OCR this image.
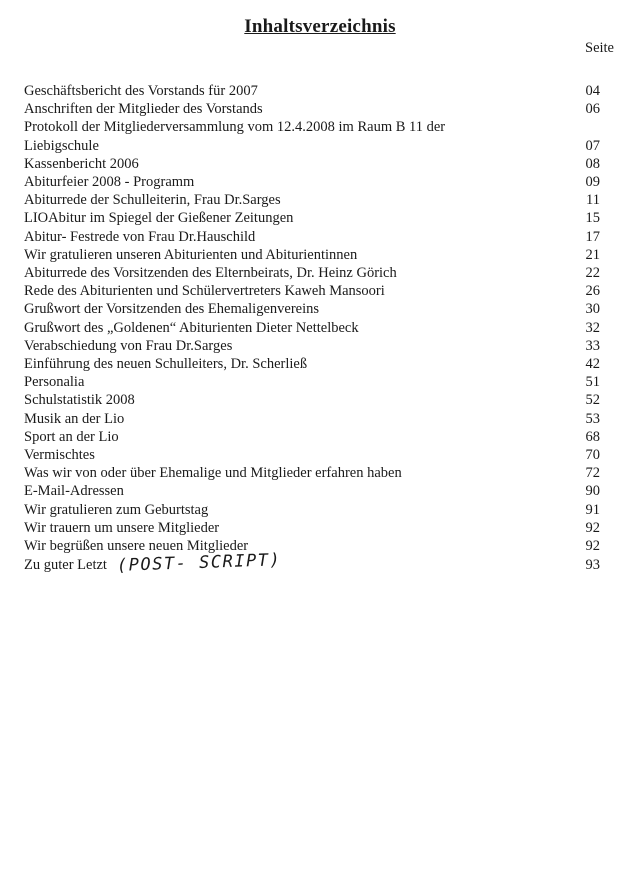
Inhaltsverzeichnis
Seite
Geschäftsbericht des Vorstands für 2007	04
Anschriften der Mitglieder des Vorstands	06
Protokoll der Mitgliederversammlung vom 12.4.2008 im Raum B 11 der
Liebigschule	07
Kassenbericht 2006	08
Abiturfeier 2008 - Programm	09
Abiturrede der Schulleiterin, Frau Dr.Sarges	11
LIOAbitur im Spiegel der Gießener Zeitungen	15
Abitur- Festrede von Frau Dr.Hauschild	17
Wir gratulieren unseren Abiturienten und Abiturientinnen	21
Abiturrede des Vorsitzenden des Elternbeirats, Dr. Heinz Görich	22
Rede des Abiturienten und Schülervertreters Kaweh Mansoori	26
Grußwort der Vorsitzenden des Ehemaligenvereins	30
Grußwort des „Goldenen“ Abiturienten Dieter Nettelbeck	32
Verabschiedung von Frau Dr.Sarges	33
Einführung des neuen Schulleiters, Dr. Scherließ	42
Personalia	51
Schulstatistik 2008	52
Musik an der Lio	53
Sport an der Lio	68
Vermischtes	70
Was wir von oder über Ehemalige und Mitglieder erfahren haben	72
E-Mail-Adressen	90
Wir gratulieren zum Geburtstag	91
Wir trauern um unsere Mitglieder	92
Wir begrüßen unsere neuen Mitglieder	92
Zu guter Letzt (POST- SCRIPT)	93
